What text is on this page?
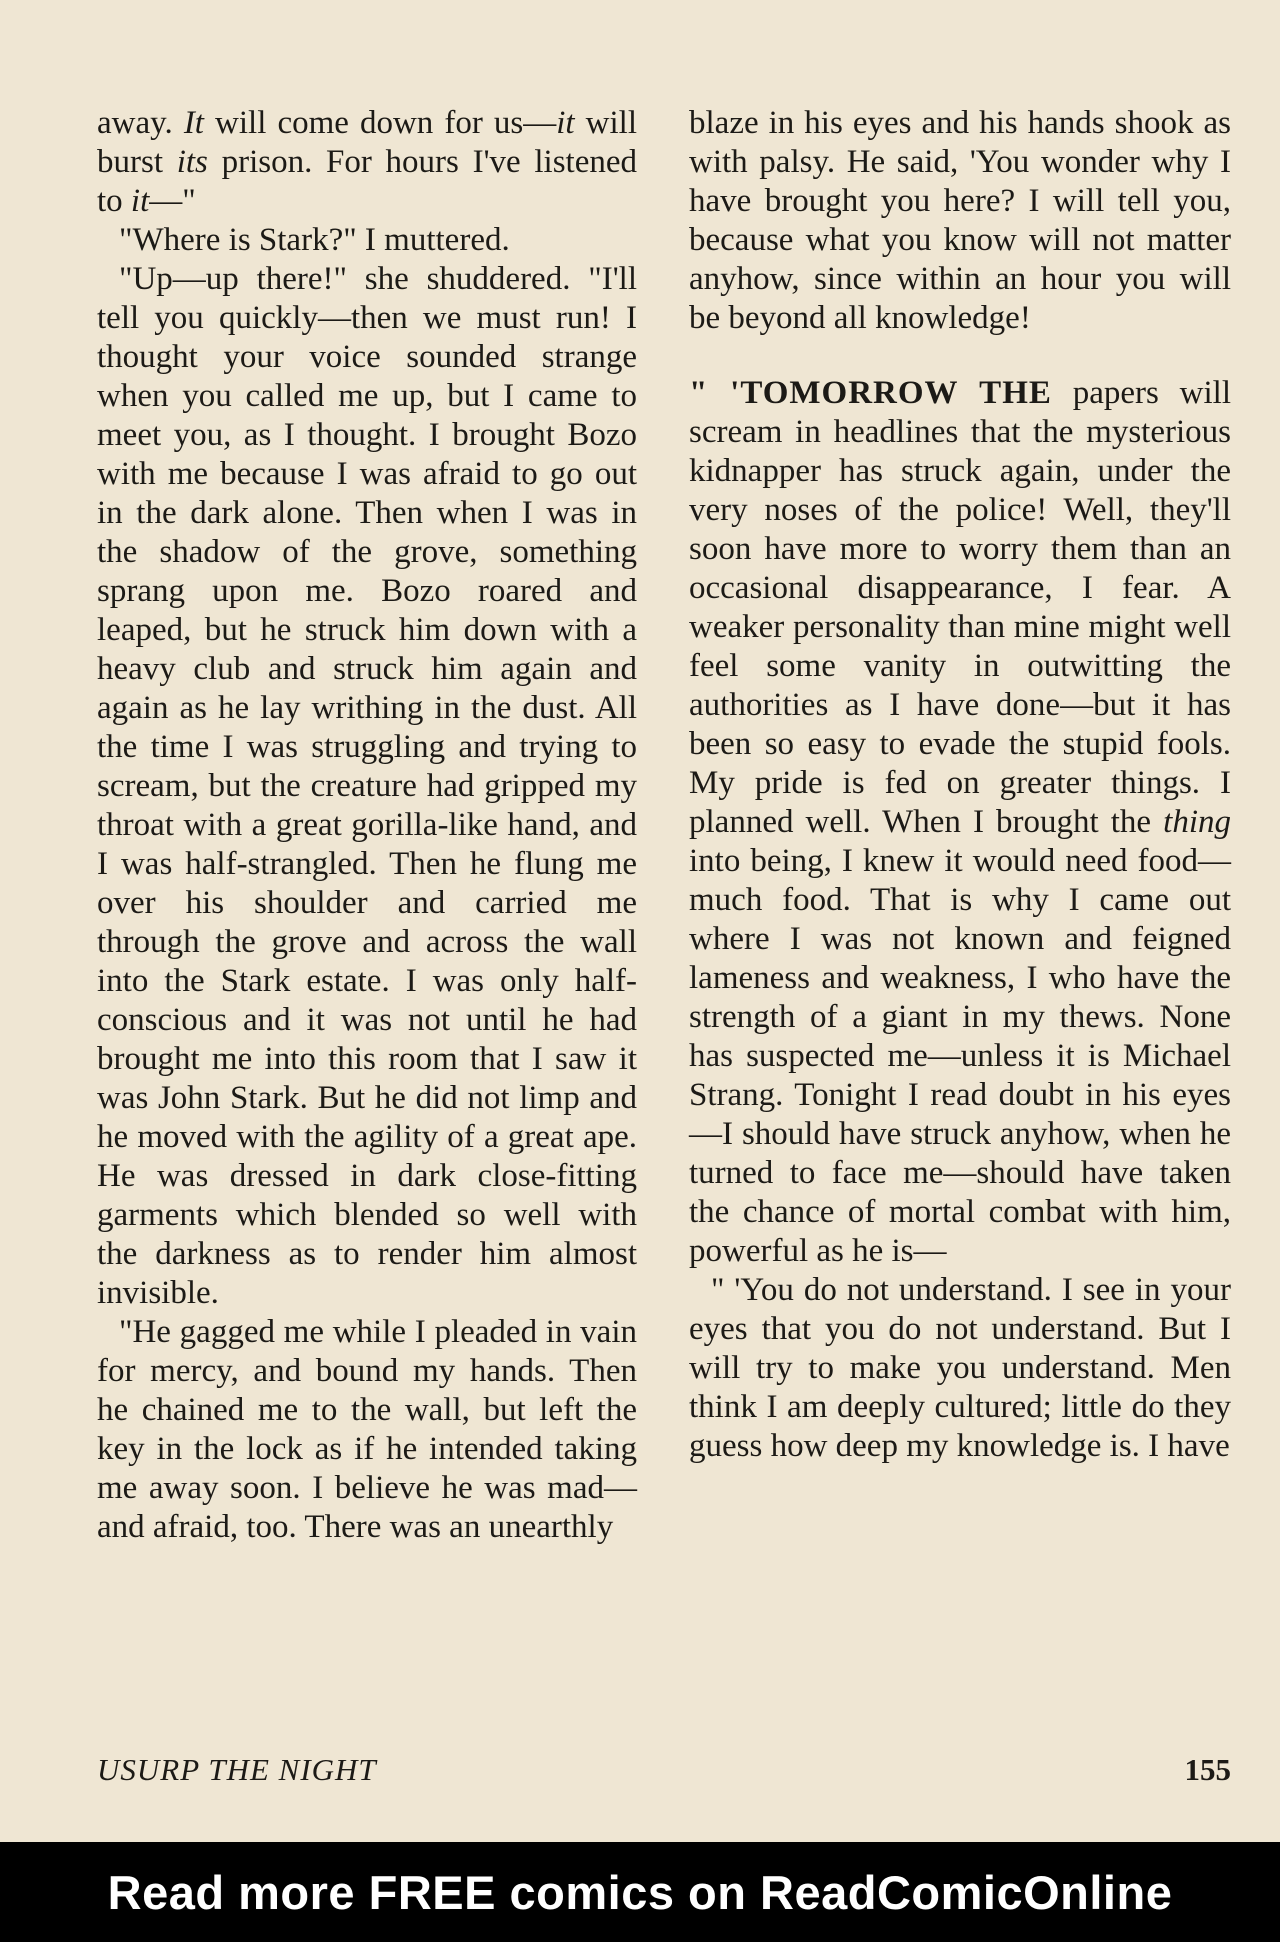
away. It will come down for us—it will burst its prison. For hours I've listened to it—"

"Where is Stark?" I muttered.

"Up—up there!" she shuddered. "I'll tell you quickly—then we must run! I thought your voice sounded strange when you called me up, but I came to meet you, as I thought. I brought Bozo with me because I was afraid to go out in the dark alone. Then when I was in the shadow of the grove, something sprang upon me. Bozo roared and leaped, but he struck him down with a heavy club and struck him again and again as he lay writhing in the dust. All the time I was struggling and trying to scream, but the creature had gripped my throat with a great gorilla-like hand, and I was half-strangled. Then he flung me over his shoulder and carried me through the grove and across the wall into the Stark estate. I was only half-conscious and it was not until he had brought me into this room that I saw it was John Stark. But he did not limp and he moved with the agility of a great ape. He was dressed in dark close-fitting garments which blended so well with the darkness as to render him almost invisible.

"He gagged me while I pleaded in vain for mercy, and bound my hands. Then he chained me to the wall, but left the key in the lock as if he intended taking me away soon. I believe he was mad—and afraid, too. There was an unearthly

blaze in his eyes and his hands shook as with palsy. He said, 'You wonder why I have brought you here? I will tell you, because what you know will not matter anyhow, since within an hour you will be beyond all knowledge!

" 'TOMORROW THE papers will scream in headlines that the mysterious kidnapper has struck again, under the very noses of the police! Well, they'll soon have more to worry them than an occasional disappearance, I fear. A weaker personality than mine might well feel some vanity in outwitting the authorities as I have done—but it has been so easy to evade the stupid fools. My pride is fed on greater things. I planned well. When I brought the thing into being, I knew it would need food—much food. That is why I came out where I was not known and feigned lameness and weakness, I who have the strength of a giant in my thews. None has suspected me—unless it is Michael Strang. Tonight I read doubt in his eyes—I should have struck anyhow, when he turned to face me—should have taken the chance of mortal combat with him, powerful as he is—

" 'You do not understand. I see in your eyes that you do not understand. But I will try to make you understand. Men think I am deeply cultured; little do they guess how deep my knowledge is. I have

USURP THE NIGHT	155
Read more FREE comics on ReadComicOnline
